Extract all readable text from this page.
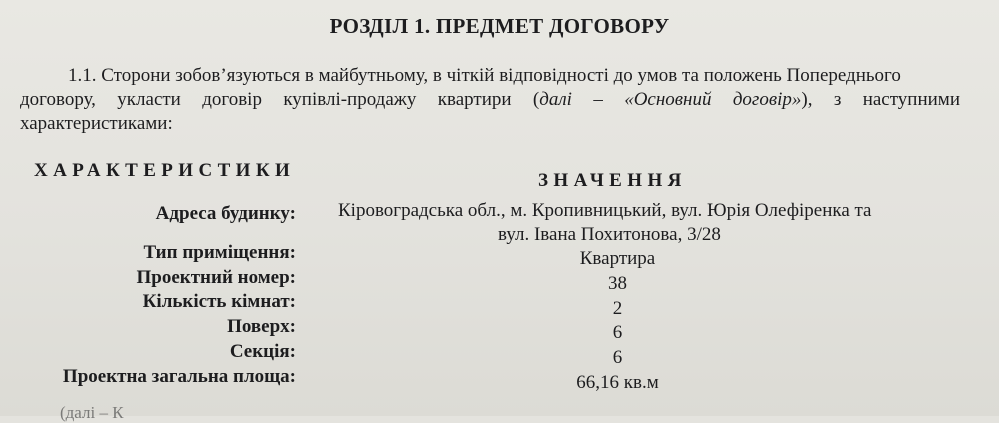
РОЗДІЛ 1. ПРЕДМЕТ ДОГОВОРУ
1.1. Сторони зобов’язуються в майбутньому, в чіткій відповідності до умов та положень Попереднього
договору, укласти договір купівлі-продажу квартири (далі – «Основний договір»), з наступними
характеристиками:
ХАРАКТЕРИСТИКИ	ЗНАЧЕННЯ
Адреса будинку: Кіровоградська обл., м. Кропивницький, вул. Юрія Олефіренка та
вул. Івана Похитонова, 3/28
Тип приміщення:	Квартира
Проектний номер:	38
Кількість кімнат:	2
Поверх:	6
Секція:	6
Проектна загальна площа:	66,16 кв.м
(далі – К
